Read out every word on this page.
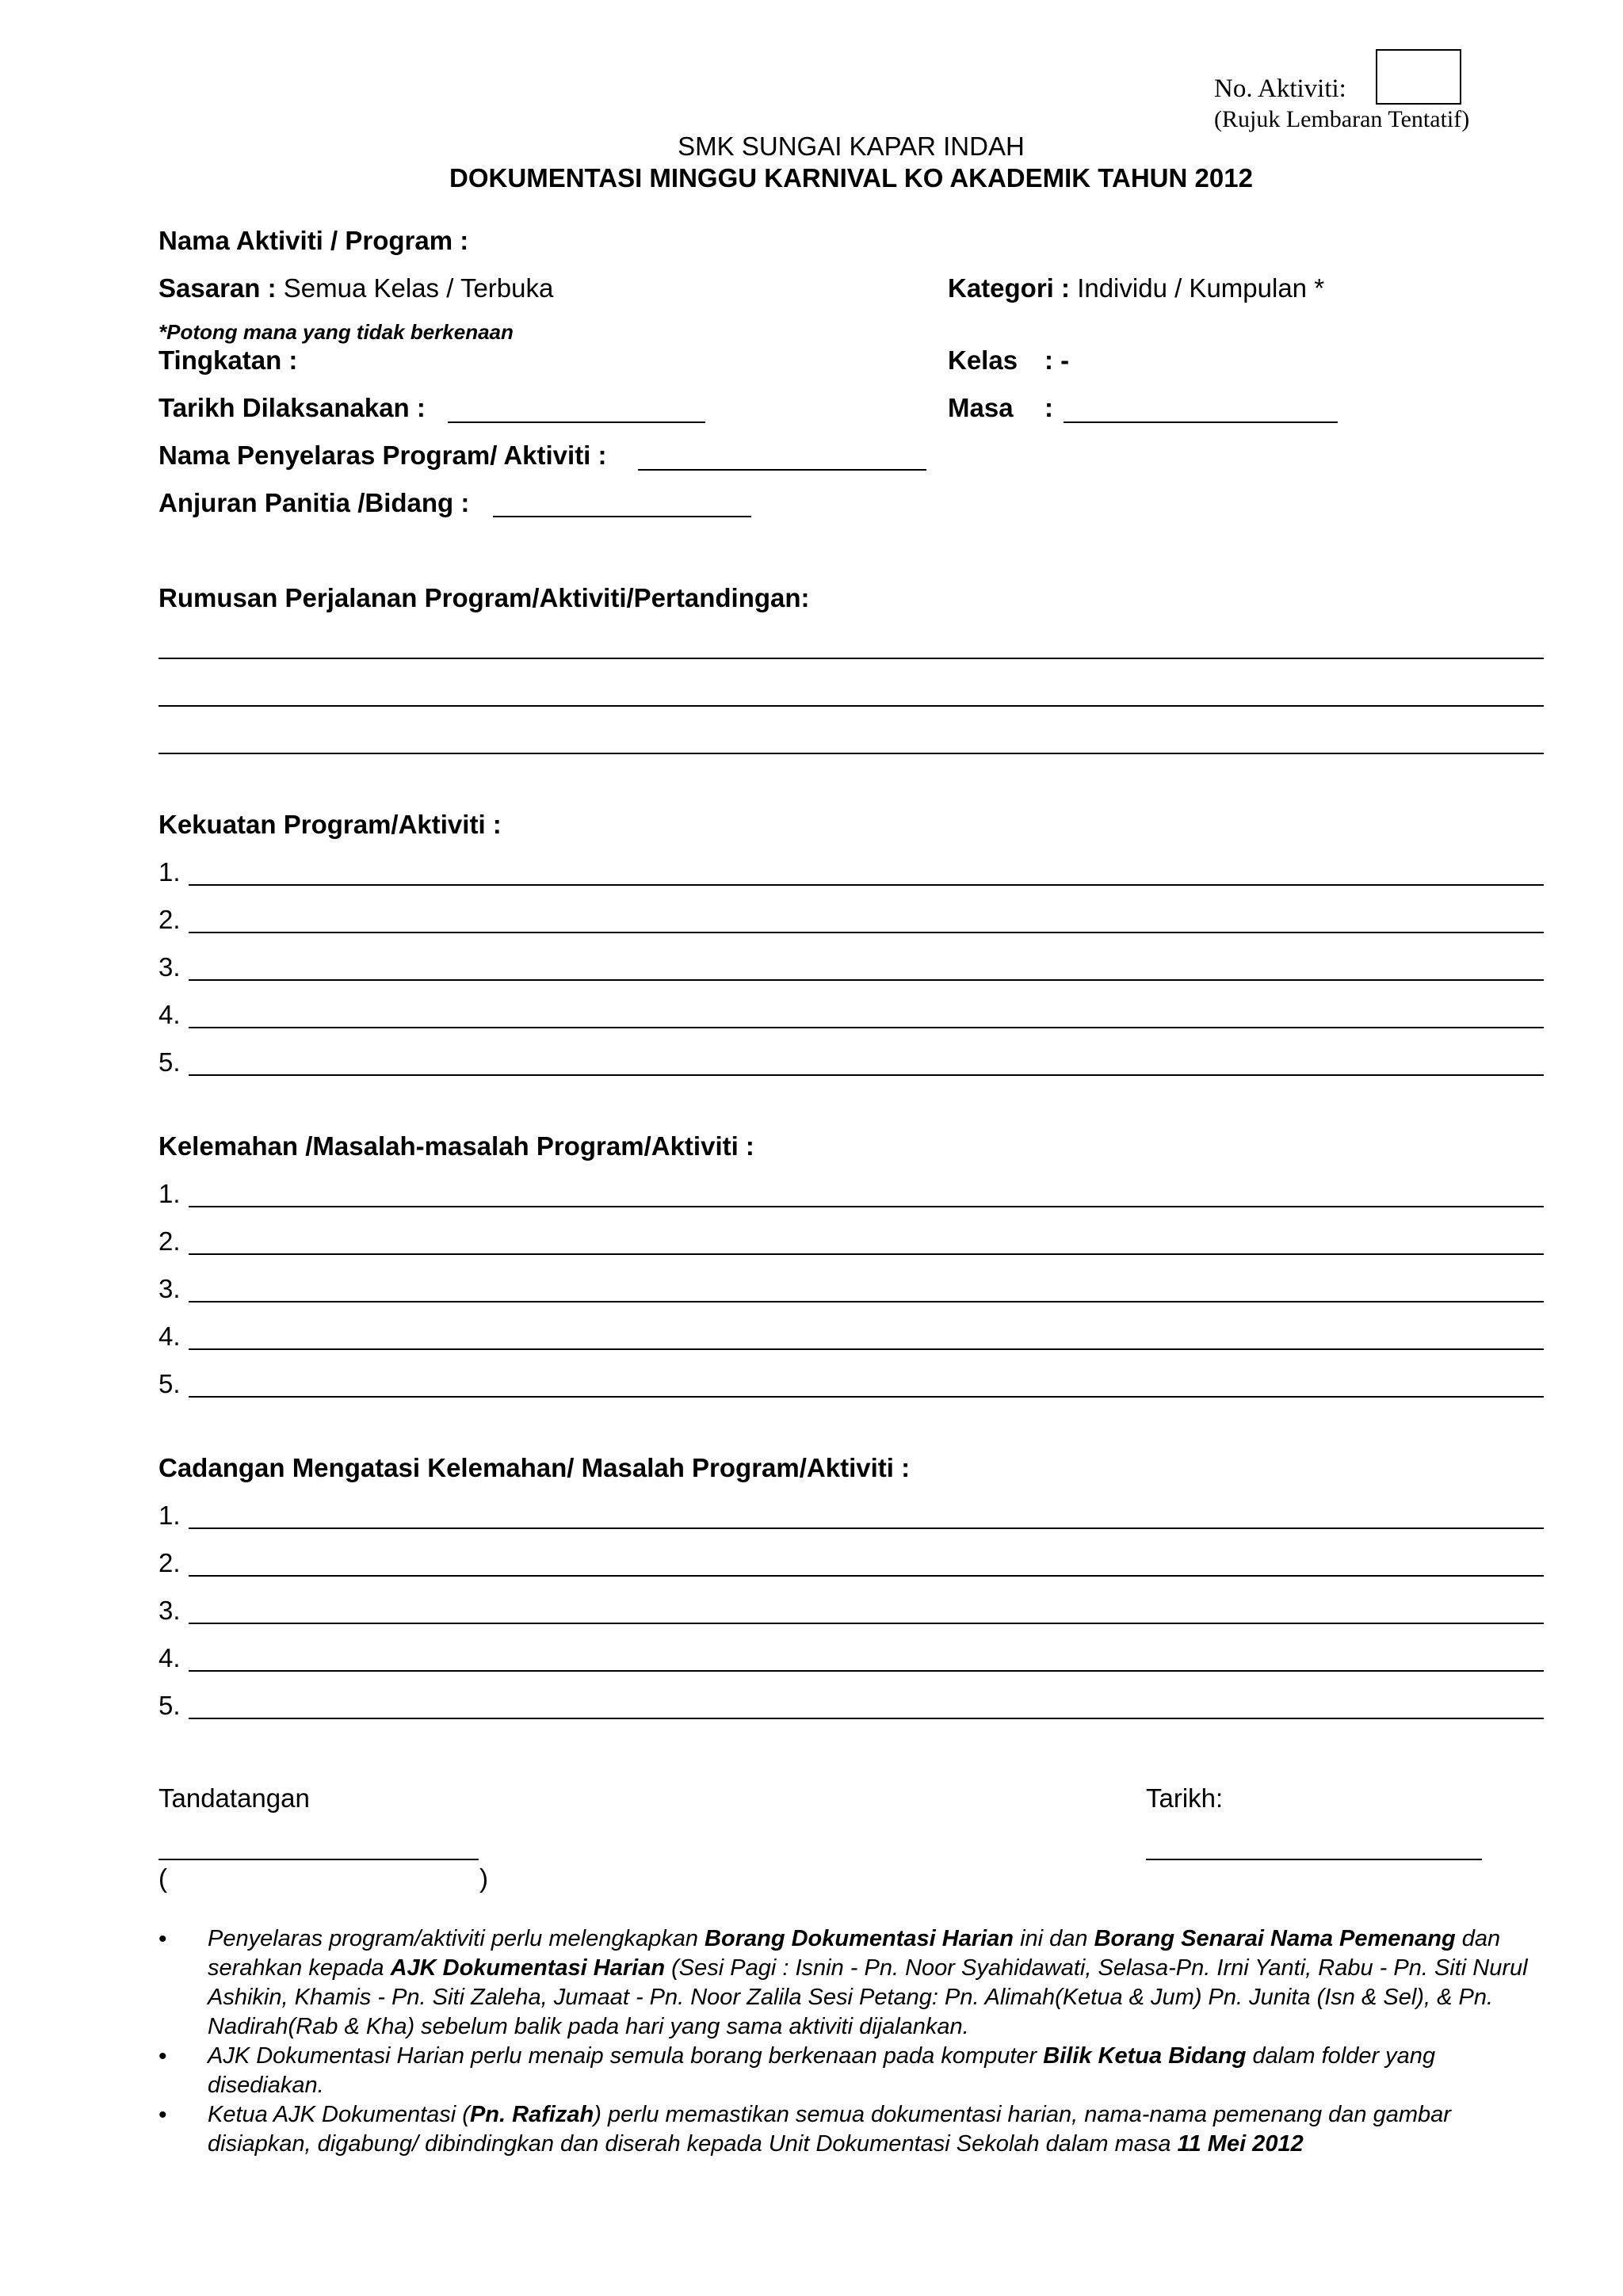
No. Aktiviti:
(Rujuk Lembaran Tentatif)
SMK SUNGAI KAPAR INDAH
DOKUMENTASI MINGGU KARNIVAL KO AKADEMIK TAHUN 2012
Nama Aktiviti / Program :
Sasaran : Semua Kelas / Terbuka	Kategori : Individu / Kumpulan *
*Potong mana yang tidak berkenaan
Tingkatan :	Kelas : -
Tarikh Dilaksanakan :	Masa :
Nama Penyelaras Program/ Aktiviti :
Anjuran Panitia /Bidang :
Rumusan Perjalanan Program/Aktiviti/Pertandingan:
Kekuatan Program/Aktiviti :
1.
2.
3.
4.
5.
Kelemahan /Masalah-masalah Program/Aktiviti :
1.
2.
3.
4.
5.
Cadangan Mengatasi Kelemahan/ Masalah Program/Aktiviti :
1.
2.
3.
4.
5.
Tandatangan
(	)
Tarikh:
• Penyelaras program/aktiviti perlu melengkapkan Borang Dokumentasi Harian ini dan Borang Senarai Nama Pemenang dan serahkan kepada AJK Dokumentasi Harian (Sesi Pagi : Isnin - Pn. Noor Syahidawati, Selasa-Pn. Irni Yanti, Rabu - Pn. Siti Nurul Ashikin, Khamis - Pn. Siti Zaleha, Jumaat - Pn. Noor Zalila Sesi Petang: Pn. Alimah(Ketua & Jum) Pn. Junita (Isn & Sel), & Pn. Nadirah(Rab & Kha) sebelum balik pada hari yang sama aktiviti dijalankan.
• AJK Dokumentasi Harian perlu menaip semula borang berkenaan pada komputer Bilik Ketua Bidang dalam folder yang disediakan.
• Ketua AJK Dokumentasi (Pn. Rafizah) perlu memastikan semua dokumentasi harian, nama-nama pemenang dan gambar disiapkan, digabung/ dibindingkan dan diserah kepada Unit Dokumentasi Sekolah dalam masa 11 Mei 2012
